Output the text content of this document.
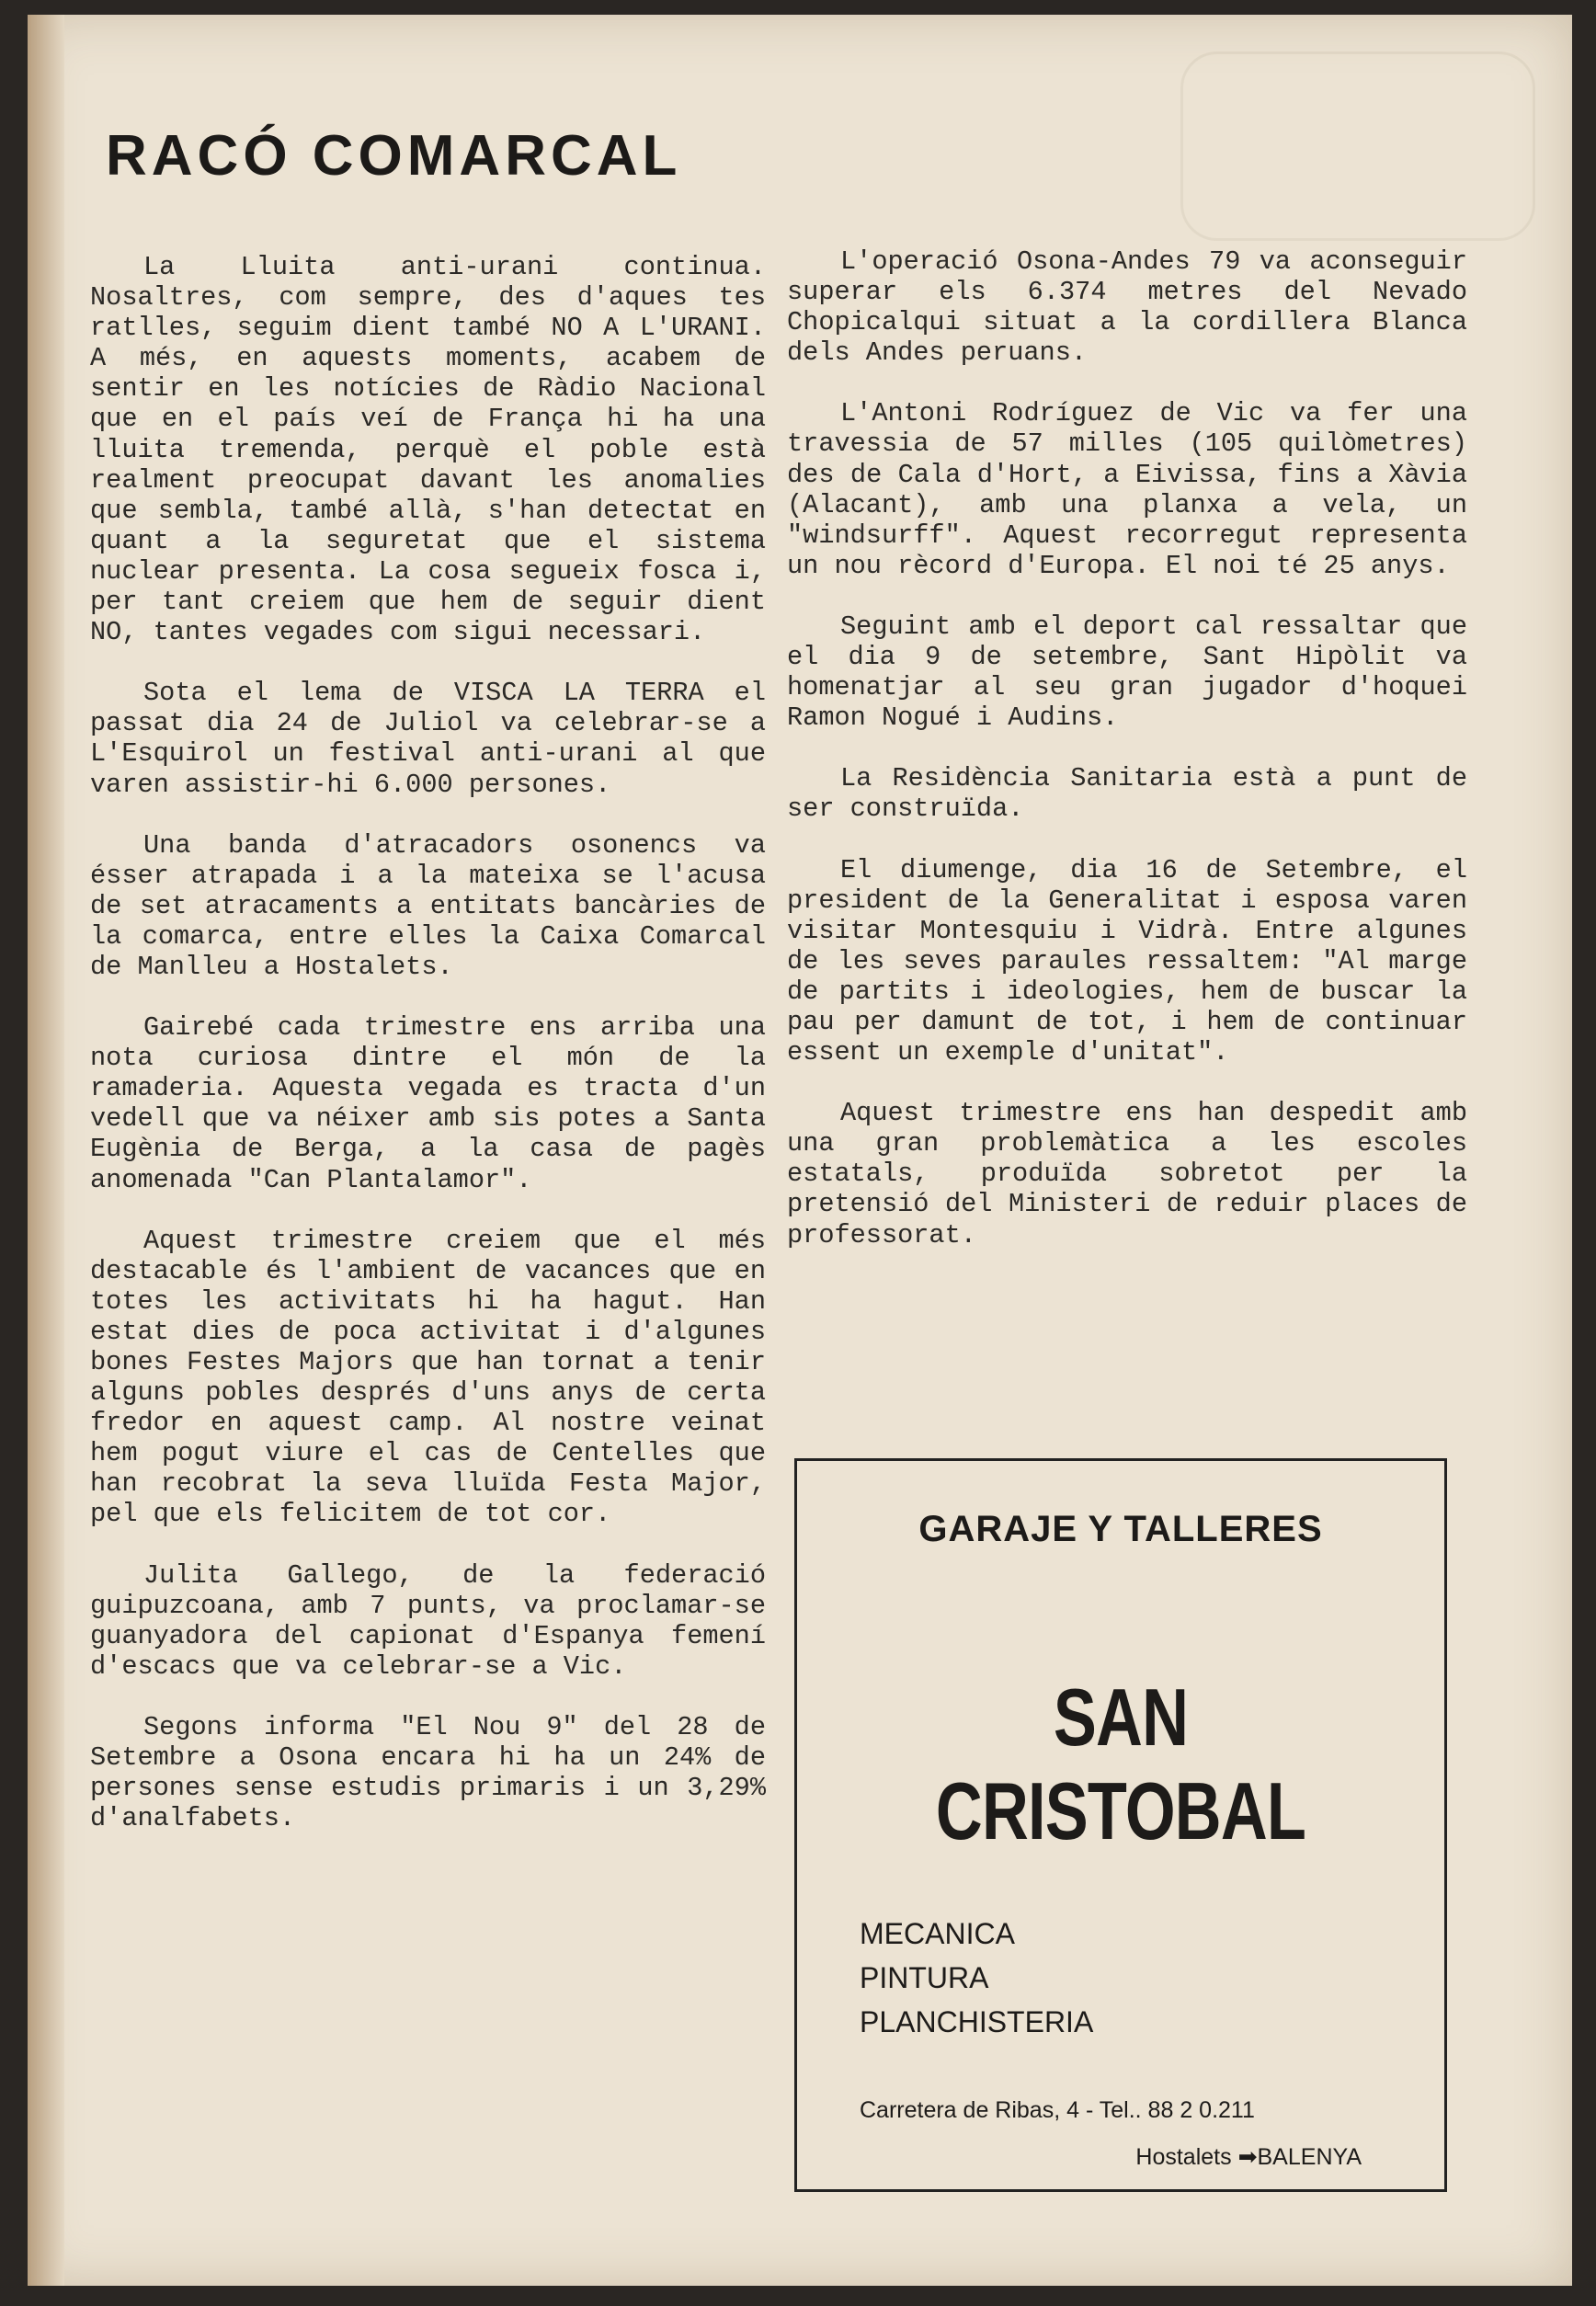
RACÓ COMARCAL

La Lluita anti-urani continua. Nosaltres, com sempre, des d'aques tes ratlles, seguim dient també NO A L'URANI. A més, en aquests moments, acabem de sentir en les notícies de Ràdio Nacional que en el país veí de França hi ha una lluita tremenda, perquè el poble està realment preocupat davant les anomalies que sembla, també allà, s'han detectat en quant a la seguretat que el sistema nuclear presenta. La cosa segueix fosca i, per tant creiem que hem de seguir dient NO, tantes vegades com sigui necessari.

Sota el lema de VISCA LA TERRA el passat dia 24 de Juliol va celebrar-se a L'Esquirol un festival anti-urani al que varen assistir-hi 6.000 persones.

Una banda d'atracadors osonencs va ésser atrapada i a la mateixa se l'acusa de set atracaments a entitats bancàries de la comarca, entre elles la Caixa Comarcal de Manlleu a Hostalets.

Gairebé cada trimestre ens arriba una nota curiosa dintre el món de la ramaderia. Aquesta vegada es tracta d'un vedell que va néixer amb sis potes a Santa Eugènia de Berga, a la casa de pagès anomenada "Can Plantalamor".

Aquest trimestre creiem que el més destacable és l'ambient de vacances que en totes les activitats hi ha hagut. Han estat dies de poca activitat i d'algunes bones Festes Majors que han tornat a tenir alguns pobles després d'uns anys de certa fredor en aquest camp. Al nostre veinat hem pogut viure el cas de Centelles que han recobrat la seva lluïda Festa Major, pel que els felicitem de tot cor.

Julita Gallego, de la federació guipuzcoana, amb 7 punts, va proclamar-se guanyadora del capionat d'Espanya femení d'escacs que va celebrar-se a Vic.

Segons informa "El Nou 9" del 28 de Setembre a Osona encara hi ha un 24% de persones sense estudis primaris i un 3,29% d'analfabets.

L'operació Osona-Andes 79 va aconseguir superar els 6.374 metres del Nevado Chopicalqui situat a la cordillera Blanca dels Andes peruans.

L'Antoni Rodríguez de Vic va fer una travessia de 57 milles (105 quilòmetres) des de Cala d'Hort, a Eivissa, fins a Xàvia (Alacant), amb una planxa a vela, un "windsurff". Aquest recorregut representa un nou rècord d'Europa. El noi té 25 anys.

Seguint amb el deport cal ressaltar que el dia 9 de setembre, Sant Hipòlit va homenatjar al seu gran jugador d'hoquei Ramon Nogué i Audins.

La Residència Sanitaria està a punt de ser construïda.

El diumenge, dia 16 de Setembre, el president de la Generalitat i esposa varen visitar Montesquiu i Vidrà. Entre algunes de les seves paraules ressaltem: "Al marge de partits i ideologies, hem de buscar la pau per damunt de tot, i hem de continuar essent un exemple d'unitat".

Aquest trimestre ens han despedit amb una gran problemàtica a les escoles estatals, produïda sobretot per la pretensió del Ministeri de reduir places de professorat.

GARAJE Y TALLERES
SAN CRISTOBAL
MECANICA
PINTURA
PLANCHISTERIA
Carretera de Ribas, 4 - Tel.. 88 2 0.211
Hostalets ➡BALENYA
